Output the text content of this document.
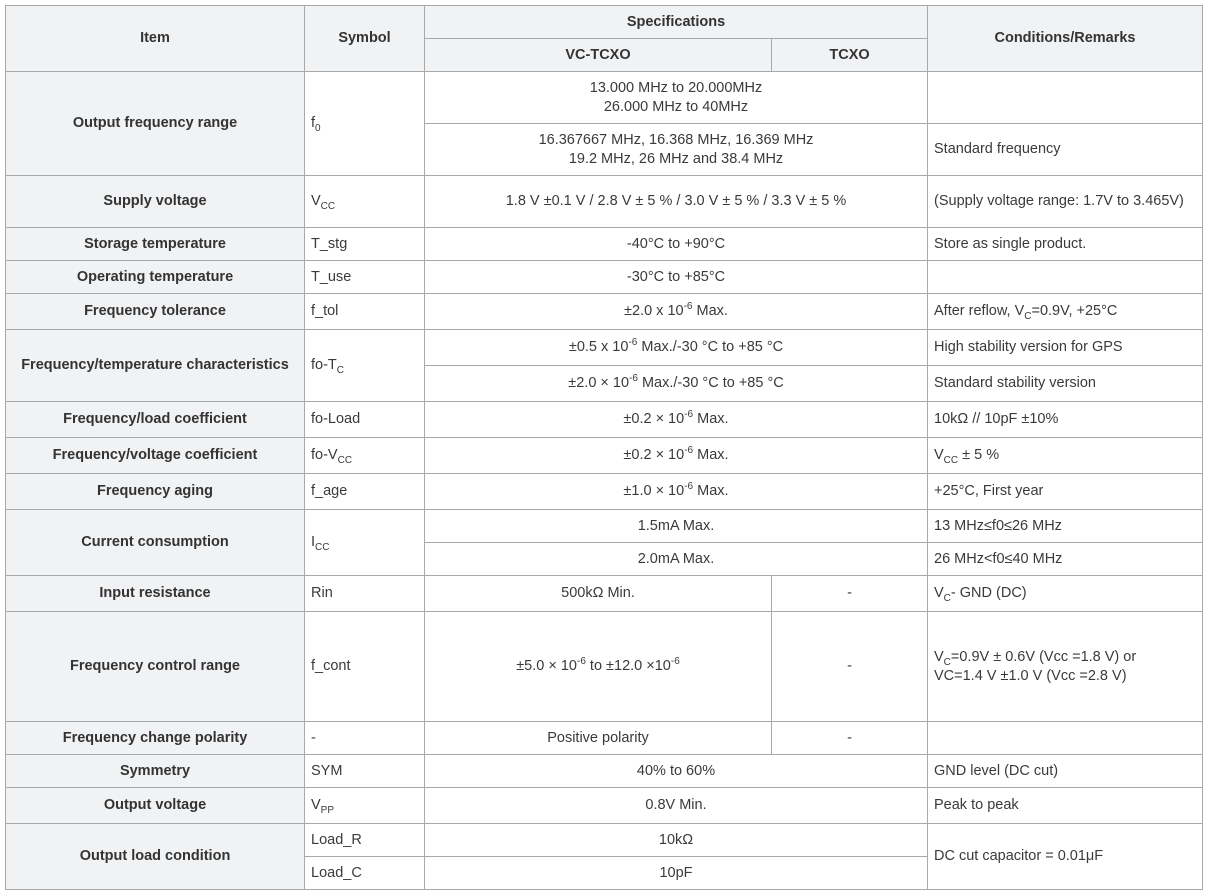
Item	Symbol	Specifications		Conditions/Remarks
		VC-TCXO	TCXO	
Output frequency range	$f_0$	13.000 MHz to 20.000MHz
26.000 MHz to 40MHz		

		16.367667 MHz, 16.368 MHz, 16.369 MHz
19.2 MHz, 26 MHz and 38.4 MHz		Standard frequency
Supply voltage	$V_{CC}$	1.8 V ±0.1 V / 2.8 V ± 5 % / 3.0 V ± 5 % / 3.3 V ± 5 %		(Supply voltage range: 1.7V to 3.465V)
Storage temperature	T_stg	-40°C to +90°C		Store as single product.
Operating temperature	T_use	-30°C to +85°C		
Frequency tolerance	f_tol	±2.0 x $10^{-6}$ Max.		After reflow, $V_C=0.9V$, +25°C
Frequency/temperature characteristics	$fo-T_C$	±0.5 x $10^{-6}$ Max./-30 °C to +85 °C		High stability version for GPS
		$\pm 2.0 \times 10^{-6}$ Max./-30 °C to +85 °C		Standard stability version
Frequency/load coefficient	fo-Load	$\pm 0.2 \times 10^{-6}$ Max.		10kΩ // 10pF ±10%
Frequency/voltage coefficient	$fo-V_{CC}$	$\pm 0.2 \times 10^{-6}$ Max.		$V_{CC} \pm 5$ %
Frequency aging	f_age	$\pm 1.0 \times 10^{-6}$ Max.		+25°C, First year
Current consumption	$I_{CC}$	1.5mA Max.		13 MHz≤f0≤26 MHz
		2.0mA Max.		26 MHz<f0≤40 MHz
Input resistance	Rin	500kΩ Min.	-	$V_C-$ GND (DC)
Frequency control range	f_cont	$\pm 5.0 \times 10^{-6}$ to $\pm 12.0 \times 10^{-6}$	-	$V_C=0.9V \pm 0.6V$ (Vcc =1.8 V) or
VC=1.4 V ±1.0 V (Vcc =2.8 V)

Frequency change polarity	-	Positive polarity	-	
Symmetry	SYM	40% to 60%		GND level (DC cut)
Output voltage	$V_{PP}$	0.8V Min.		Peak to peak
Output load condition	Load_R	10kΩ		DC cut capacitor = 0.01μF
	Load_C	10pF		
